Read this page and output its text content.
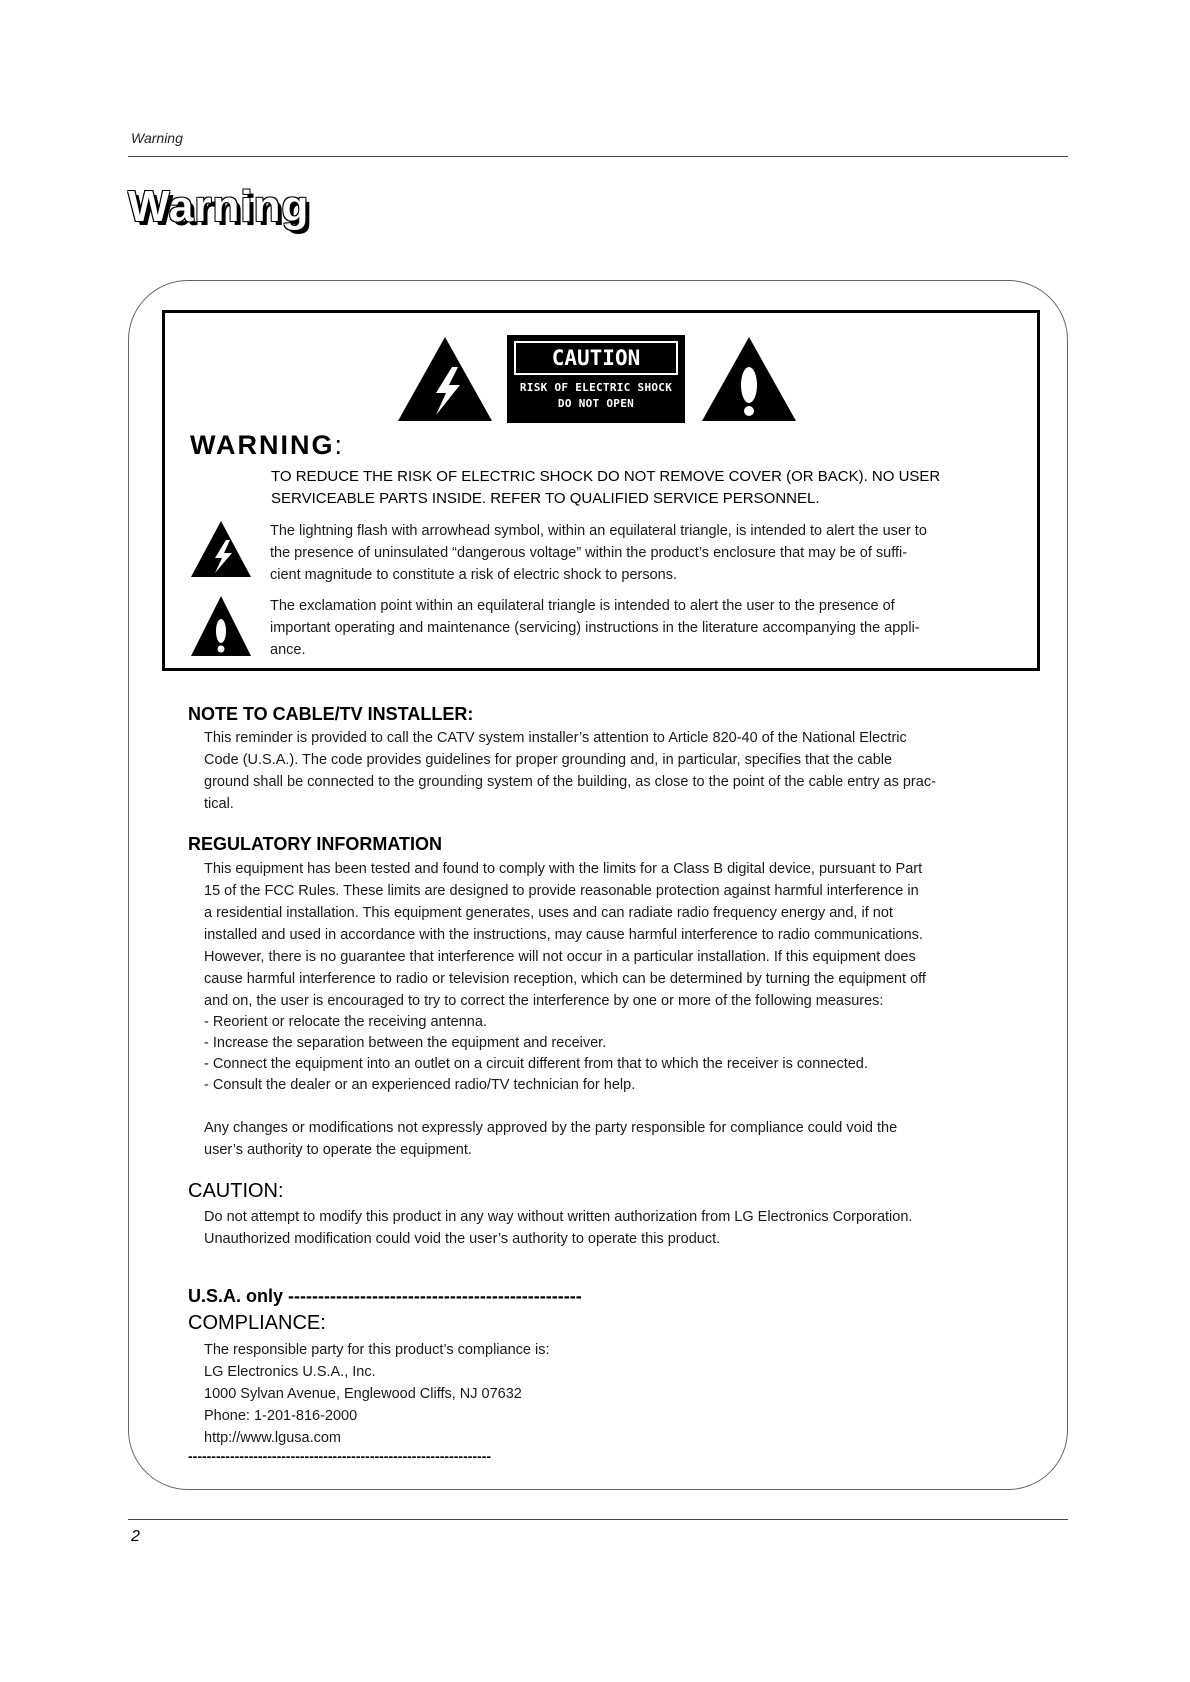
Warning
Warning
CAUTION
RISK OF ELECTRIC SHOCK
DO NOT OPEN
WARNING:
TO REDUCE THE RISK OF ELECTRIC SHOCK DO NOT REMOVE COVER (OR BACK). NO USER
SERVICEABLE PARTS INSIDE. REFER TO QUALIFIED SERVICE PERSONNEL.
The lightning flash with arrowhead symbol, within an equilateral triangle, is intended to alert the user to
the presence of uninsulated “dangerous voltage” within the product’s enclosure that may be of suffi-
cient magnitude to constitute a risk of electric shock to persons.
The exclamation point within an equilateral triangle is intended to alert the user to the presence of
important operating and maintenance (servicing) instructions in the literature accompanying the appli-
ance.
NOTE TO CABLE/TV INSTALLER:
This reminder is provided to call the CATV system installer’s attention to Article 820-40 of the National Electric
Code (U.S.A.). The code provides guidelines for proper grounding and, in particular, specifies that the cable
ground shall be connected to the grounding system of the building, as close to the point of the cable entry as prac-
tical.
REGULATORY INFORMATION
This equipment has been tested and found to comply with the limits for a Class B digital device, pursuant to Part
15 of the FCC Rules. These limits are designed to provide reasonable protection against harmful interference in
a residential installation. This equipment generates, uses and can radiate radio frequency energy and, if not
installed and used in accordance with the instructions, may cause harmful interference to radio communications.
However, there is no guarantee that interference will not occur in a particular installation. If this equipment does
cause harmful interference to radio or television reception, which can be determined by turning the equipment off
and on, the user is encouraged to try to correct the interference by one or more of the following measures:
- Reorient or relocate the receiving antenna.
- Increase the separation between the equipment and receiver.
- Connect the equipment into an outlet on a circuit different from that to which the receiver is connected.
- Consult the dealer or an experienced radio/TV technician for help.
Any changes or modifications not expressly approved by the party responsible for compliance could void the
user’s authority to operate the equipment.
CAUTION:
Do not attempt to modify this product in any way without written authorization from LG Electronics Corporation.
Unauthorized modification could void the user’s authority to operate this product.
U.S.A. only -------------------------------------------------
COMPLIANCE:
The responsible party for this product’s compliance is:
LG Electronics U.S.A., Inc.
1000 Sylvan Avenue, Englewood Cliffs, NJ 07632
Phone: 1-201-816-2000
http://www.lgusa.com
-----------------------------------------------------------------
2
